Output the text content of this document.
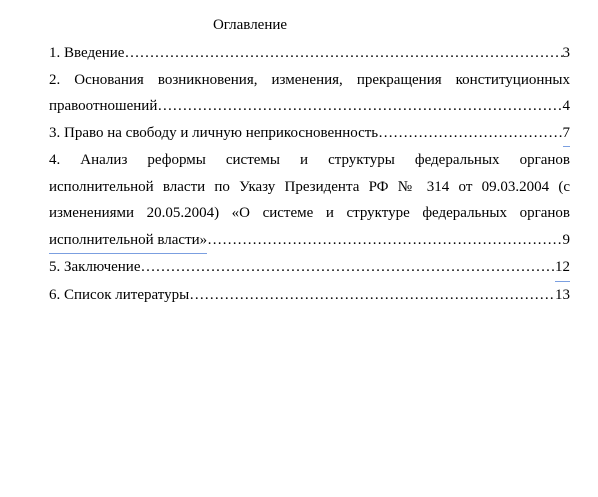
Оглавление
1. Введение ……………………………………………………………………………………………………………………………………………………………………………………	3
2. Основания возникновения, изменения, прекращения конституционных
правоотношений ……………………………………………………………………………………………………………………………………………………………………………………	4
3. Право на свободу и личную неприкосновенность ……………………………………………………………………………………………………………………………………………………………………………………	7
4. Анализ реформы системы и структуры федеральных органов
исполнительной власти по Указу Президента РФ № 314 от 09.03.2004 (с
изменениями 20.05.2004) «О системе и структуре федеральных органов
исполнительной власти» ……………………………………………………………………………………………………………………………………………………………………………………	9
5. Заключение ……………………………………………………………………………………………………………………………………………………………………………………	12
6. Список литературы ……………………………………………………………………………………………………………………………………………………………………………………	13
